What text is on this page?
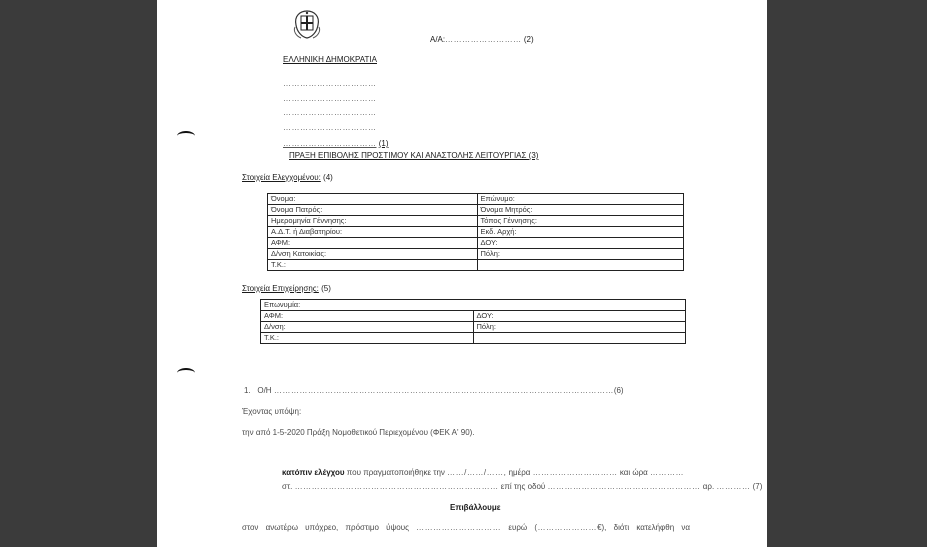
Α/Α:……………………… (2)
ΕΛΛΗΝΙΚΗ ΔΗΜΟΚΡΑΤΙΑ
……………………………
……………………………
……………………………
……………………………
…………………………… (1)
ΠΡΑΞΗ ΕΠΙΒΟΛΗΣ ΠΡΟΣΤΙΜΟΥ ΚΑΙ ΑΝΑΣΤΟΛΗΣ ΛΕΙΤΟΥΡΓΙΑΣ (3)
Στοιχεία Ελεγχομένου: (4)
Όνομα:	Επώνυμο:
Όνομα Πατρός:	Όνομα Μητρός:
Ημερομηνία Γέννησης:	Τόπος Γέννησης:
Α.Δ.Τ. ή Διαβατηρίου:	Εκδ. Αρχή:
ΑΦΜ:	ΔΟΥ:
Δ/νση Κατοικίας:	Πόλη:
Τ.Κ.:	
Στοιχεία Επιχείρησης: (5)
Επωνυμία:	
ΑΦΜ:	ΔΟΥ:
Δ/νση:	Πόλη:
Τ.Κ.:	
1. Ο/Η …………………………………………………………………………………………………………(6)
Έχοντας υπόψη:
την από 1-5-2020 Πράξη Νομοθετικού Περιεχομένου (ΦΕΚ Α' 90).
κατόπιν ελέγχου που πραγματοποιήθηκε την ……/……/……, ημέρα ………………………… και ώρα …………
στ. ……………………………………………………………… επί της οδού ……………………………………………… αρ. ………… (7)
Επιβάλλουμε
στον ανωτέρω υπόχρεο, πρόστιμο ύψους ………………………… ευρώ (…………………€), διότι κατελήφθη να
